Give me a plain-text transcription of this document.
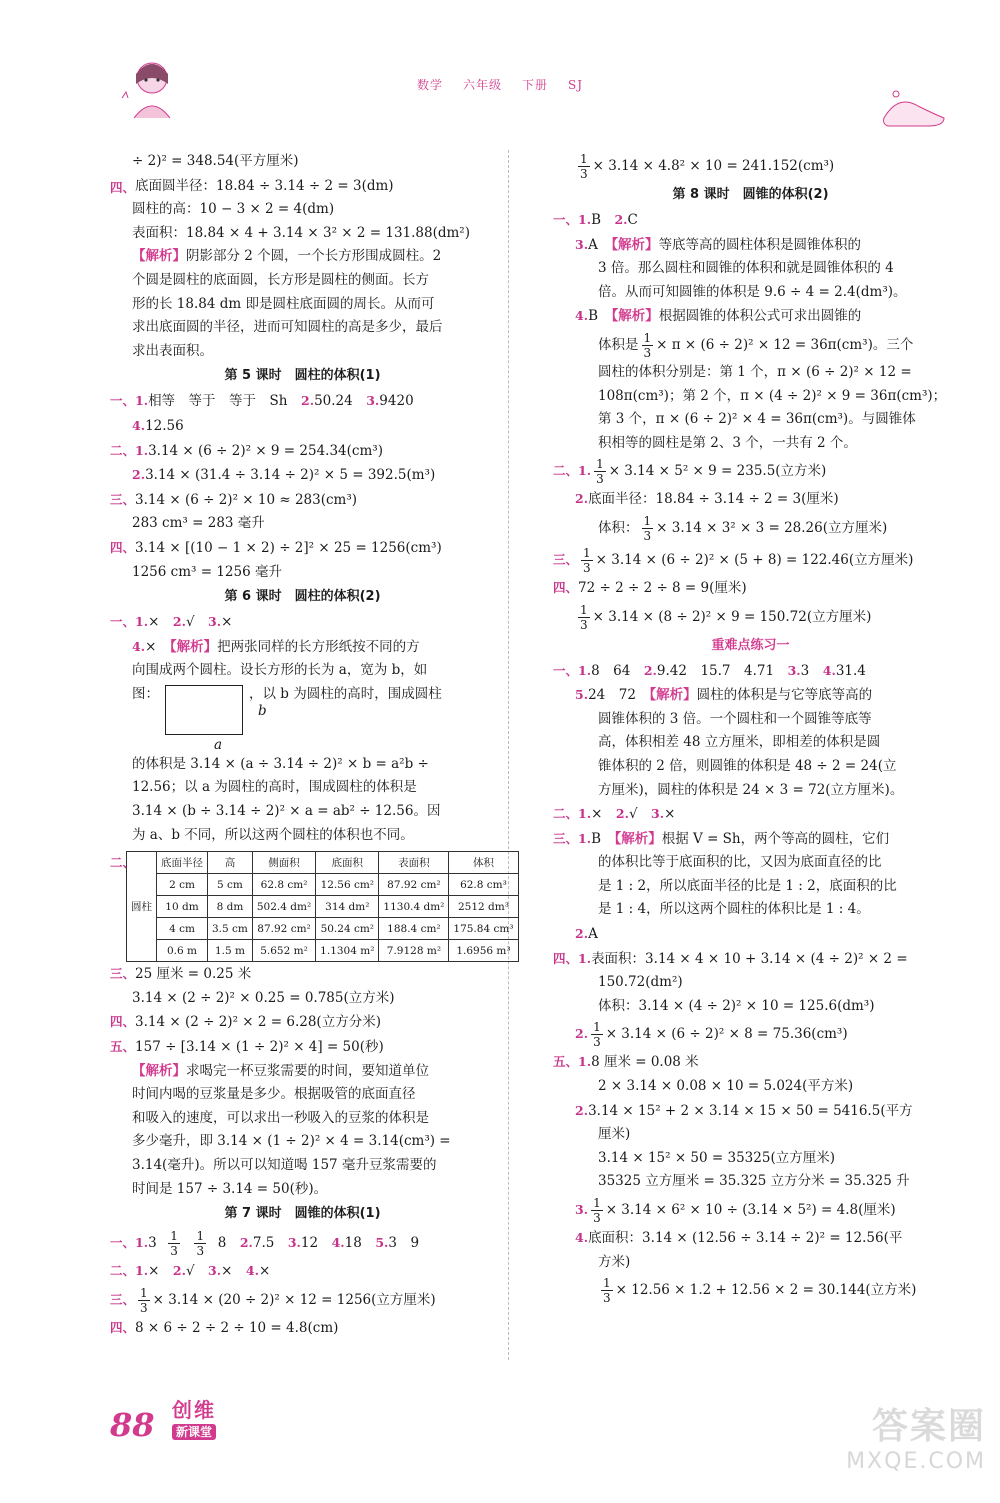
数学 六年级 下册 SJ
÷ 2)² = 348.54(平方厘米)
四、底面圆半径：18.84 ÷ 3.14 ÷ 2 = 3(dm)
圆柱的高：10 − 3 × 2 = 4(dm)
表面积：18.84 × 4 + 3.14 × 3² × 2 = 131.88(dm²)
【解析】阴影部分 2 个圆，一个长方形围成圆柱。2
个圆是圆柱的底面圆，长方形是圆柱的侧面。长方
形的长 18.84 dm 即是圆柱底面圆的周长。从而可
求出底面圆的半径，进而可知圆柱的高是多少，最后
求出表面积。
第 5 课时　圆柱的体积(1)
一、1.相等　等于　等于　Sh　2.50.24　3.9420
4.12.56
二、1.3.14 × (6 ÷ 2)² × 9 = 254.34(cm³)
2.3.14 × (31.4 ÷ 3.14 ÷ 2)² × 5 = 392.5(m³)
三、3.14 × (6 ÷ 2)² × 10 ≈ 283(cm³)
283 cm³ = 283 毫升
四、3.14 × [(10 − 1 × 2) ÷ 2]² × 25 = 1256(cm³)
1256 cm³ = 1256 毫升
第 6 课时　圆柱的体积(2)
一、1.×　2.√　3.×
4.×　【解析】把两张同样的长方形纸按不同的方
向围成两个圆柱。设长方形的长为 a，宽为 b，如
图：	，以 b 为圆柱的高时，围成圆柱
b
a
的体积是 3.14 × (a ÷ 3.14 ÷ 2)² × b = a²b ÷
12.56；以 a 为圆柱的高时，围成圆柱的体积是
3.14 × (b ÷ 3.14 ÷ 2)² × a = ab² ÷ 12.56。因
为 a、b 不同，所以这两个圆柱的体积也不同。
二、
圆柱	底面半径	高	侧面积	底面积	表面积	体积
	2 cm	5 cm	62.8 cm²	12.56 cm²	87.92 cm²	62.8 cm³
	10 dm	8 dm	502.4 dm²	314 dm²	1130.4 dm²	2512 dm³
	4 cm	3.5 cm	87.92 cm²	50.24 cm²	188.4 cm²	175.84 cm³
	0.6 m	1.5 m	5.652 m²	1.1304 m²	7.9128 m²	1.6956 m³
三、25 厘米 = 0.25 米
3.14 × (2 ÷ 2)² × 0.25 = 0.785(立方米)
四、3.14 × (2 ÷ 2)² × 2 = 6.28(立方分米)
五、157 ÷ [3.14 × (1 ÷ 2)² × 4] = 50(秒)
【解析】求喝完一杯豆浆需要的时间，要知道单位
时间内喝的豆浆量是多少。根据吸管的底面直径
和吸入的速度，可以求出一秒吸入的豆浆的体积是
多少毫升，即 3.14 × (1 ÷ 2)² × 4 = 3.14(cm³) =
3.14(毫升)。所以可以知道喝 157 毫升豆浆需要的
时间是 157 ÷ 3.14 = 50(秒)。
第 7 课时　圆锥的体积(1)
一、$1.3 \frac{1}{3}$
$\frac{1}{3} 8$　2.7.5　3.12　4.18　5.3　9
二、1.×　2.√　3.×　4.×
三、 $\frac{1}{3} \times 3.14 \times (20 \div 2)^2 \times 12 = 1256$(立方厘米)
四、8 × 6 ÷ 2 ÷ 2 ÷ 10 = 4.8(cm)
$\frac{1}{3} \times 3.14 \times 4.8^2 \times 10 = 241.152(cm^3)$
第 8 课时　圆锥的体积(2)
一、1.B　2.C
3.A　【解析】等底等高的圆柱体积是圆锥体积的
3 倍。那么圆柱和圆锥的体积和就是圆锥体积的 4
倍。从而可知圆锥的体积是 9.6 ÷ 4 = 2.4(dm³)。
4.B　【解析】根据圆锥的体积公式可求出圆锥的
体积是 $\frac{1}{3} \times \pi \times (6 \div 2)^2 \times 12 = 36\pi(cm^3)$。三个
圆柱的体积分别是：第 1 个，π × (6 ÷ 2)² × 12 =
108π(cm³)；第 2 个，π × (4 ÷ 2)² × 9 = 36π(cm³)；
第 3 个，π × (6 ÷ 2)² × 4 = 36π(cm³)。与圆锥体
积相等的圆柱是第 2、3 个，一共有 2 个。
二、1. $\frac{1}{3} \times 3.14 \times 5^2 \times 9 = 235.5$(立方米)
2.底面半径：18.84 ÷ 3.14 ÷ 2 = 3(厘米)
体积： $\frac{1}{3} \times 3.14 \times 3^2 \times 3 = 28.26$(立方厘米)
三、 $\frac{1}{3} \times 3.14 \times (6 \div 2)^2 \times (5 + 8) = 122.46$(立方厘米)
四、72 ÷ 2 ÷ 2 ÷ 8 = 9(厘米)
$\frac{1}{3} \times 3.14 \times (8 \div 2)^2 \times 9 = 150.72$(立方厘米)
重难点练习一
一、1.8　64　2.9.42　15.7　4.71　3.3　4.31.4
5.24　72　【解析】圆柱的体积是与它等底等高的
圆锥体积的 3 倍。一个圆柱和一个圆锥等底等
高，体积相差 48 立方厘米，即相差的体积是圆
锥体积的 2 倍，则圆锥的体积是 48 ÷ 2 = 24(立
方厘米)，圆柱的体积是 24 × 3 = 72(立方厘米)。
二、1.×　2.√　3.×
三、1.B　【解析】根据 V = Sh，两个等高的圆柱，它们
的体积比等于底面积的比，又因为底面直径的比
是 1 : 2，所以底面半径的比是 1 : 2，底面积的比
是 1 : 4，所以这两个圆柱的体积比是 1 : 4。
2.A
四、1.表面积：3.14 × 4 × 10 + 3.14 × (4 ÷ 2)² × 2 =
150.72(dm²)
体积：3.14 × (4 ÷ 2)² × 10 = 125.6(dm³)
2. $\frac{1}{3} \times 3.14 \times (6 \div 2)^2 \times 8 = 75.36(cm^3)$
五、1.8 厘米 = 0.08 米
2 × 3.14 × 0.08 × 10 = 5.024(平方米)
2.3.14 × 15² + 2 × 3.14 × 15 × 50 = 5416.5(平方
厘米)
3.14 × 15² × 50 = 35325(立方厘米)
35325 立方厘米 = 35.325 立方分米 = 35.325 升
3. $\frac{1}{3} \times 3.14 \times 6^2 \times 10 \div (3.14 \times 5^2) = 4.8$(厘米)
4.底面积：3.14 × (12.56 ÷ 3.14 ÷ 2)² = 12.56(平
方米)
$\frac{1}{3} \times 12.56 \times 1.2 + 12.56 \times 2 = 30.144$(立方米)
88 创维
新课堂	答案圈
MXQE.COM
